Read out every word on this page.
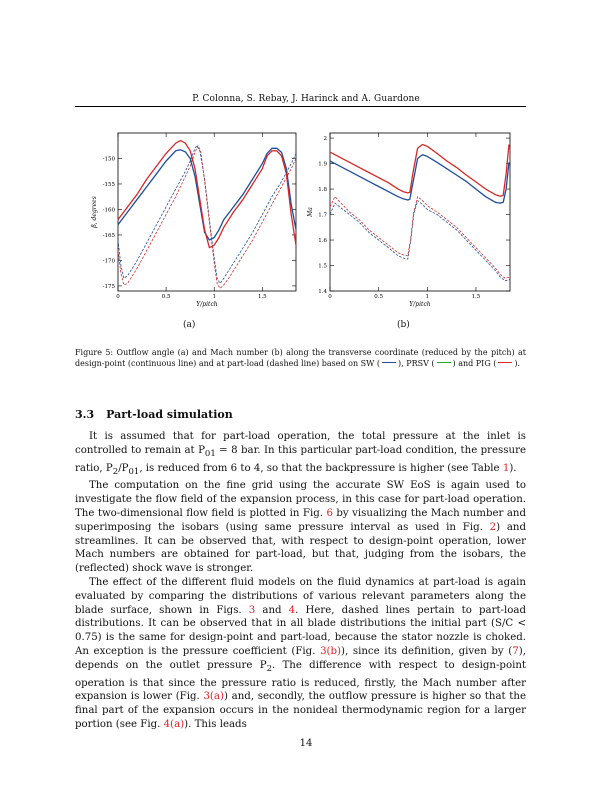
P. Colonna, S. Rebay, J. Harinck and A. Guardone
0	0.5	1	1.5
-150
-155
-160
-165
-170
-175
Y/pitch
β, degrees
0	0.5	1	1.5
2
1.9
1.8
1.7
1.6
1.5
1.4
Y/pitch
Ma
(a)	(b)
Figure 5: Outflow angle (a) and Mach number (b) along the transverse coordinate (reduced by the pitch) at design-point (continuous line) and at part-load (dashed line) based on SW ( ), PRSV ( ) and PIG ( ).
3.3 Part-load simulation

It is assumed that for part-load operation, the total pressure at the inlet is controlled to remain at $P_{01} = 8$ bar. In this particular part-load condition, the pressure ratio, $P_2/P_{01}$, is reduced from 6 to 4, so that the backpressure is higher (see Table 1).

The computation on the fine grid using the accurate SW EoS is again used to investigate the flow field of the expansion process, in this case for part-load operation. The two-dimensional flow field is plotted in Fig. 6 by visualizing the Mach number and superimposing the isobars (using same pressure interval as used in Fig. 2) and streamlines. It can be observed that, with respect to design-point operation, lower Mach numbers are obtained for part-load, but that, judging from the isobars, the (reflected) shock wave is stronger.

The effect of the different fluid models on the fluid dynamics at part-load is again evaluated by comparing the distributions of various relevant parameters along the blade surface, shown in Figs. 3 and 4. Here, dashed lines pertain to part-load distributions. It can be observed that in all blade distributions the initial part (S/C < 0.75) is the same for design-point and part-load, because the stator nozzle is choked. An exception is the pressure coefficient (Fig. 3(b)), since its definition, given by (7), depends on the outlet pressure $P_2$. The difference with respect to design-point operation is that since the pressure ratio is reduced, firstly, the Mach number after expansion is lower (Fig. 3(a)) and, secondly, the outflow pressure is higher so that the final part of the expansion occurs in the nonideal thermodynamic region for a larger portion (see Fig. 4(a)). This leads

14
